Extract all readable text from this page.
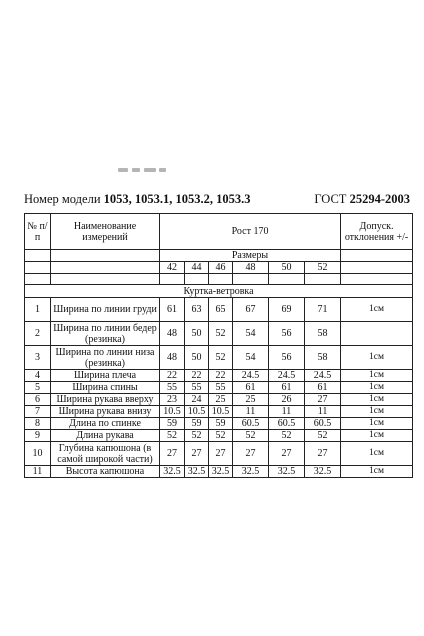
Номер модели 1053, 1053.1, 1053.2, 1053.3	ГОСТ 25294-2003
№ п/п	Наименование измерений	Рост 170						Допуск. отклонения +/-
		Размеры						
		42	44	46	48	50	52	

Куртка-ветровка								
1	Ширина по линии груди	61	63	65	67	69	71	1см
2	Ширина по линии бедер (резинка)	48	50	52	54	56	58	
3	Ширина по линии низа (резинка)	48	50	52	54	56	58	1см
4	Ширина плеча	22	22	22	24.5	24.5	24.5	1см
5	Ширина спины	55	55	55	61	61	61	1см
6	Ширина рукава вверху	23	24	25	25	26	27	1см
7	Ширина рукава внизу	10.5	10.5	10.5	11	11	11	1см
8	Длина по спинке	59	59	59	60.5	60.5	60.5	1см
9	Длина рукава	52	52	52	52	52	52	1см
10	Глубина капюшона (в самой широкой части)	27	27	27	27	27	27	1см
11	Высота капюшона	32.5	32.5	32.5	32.5	32.5	32.5	1см
